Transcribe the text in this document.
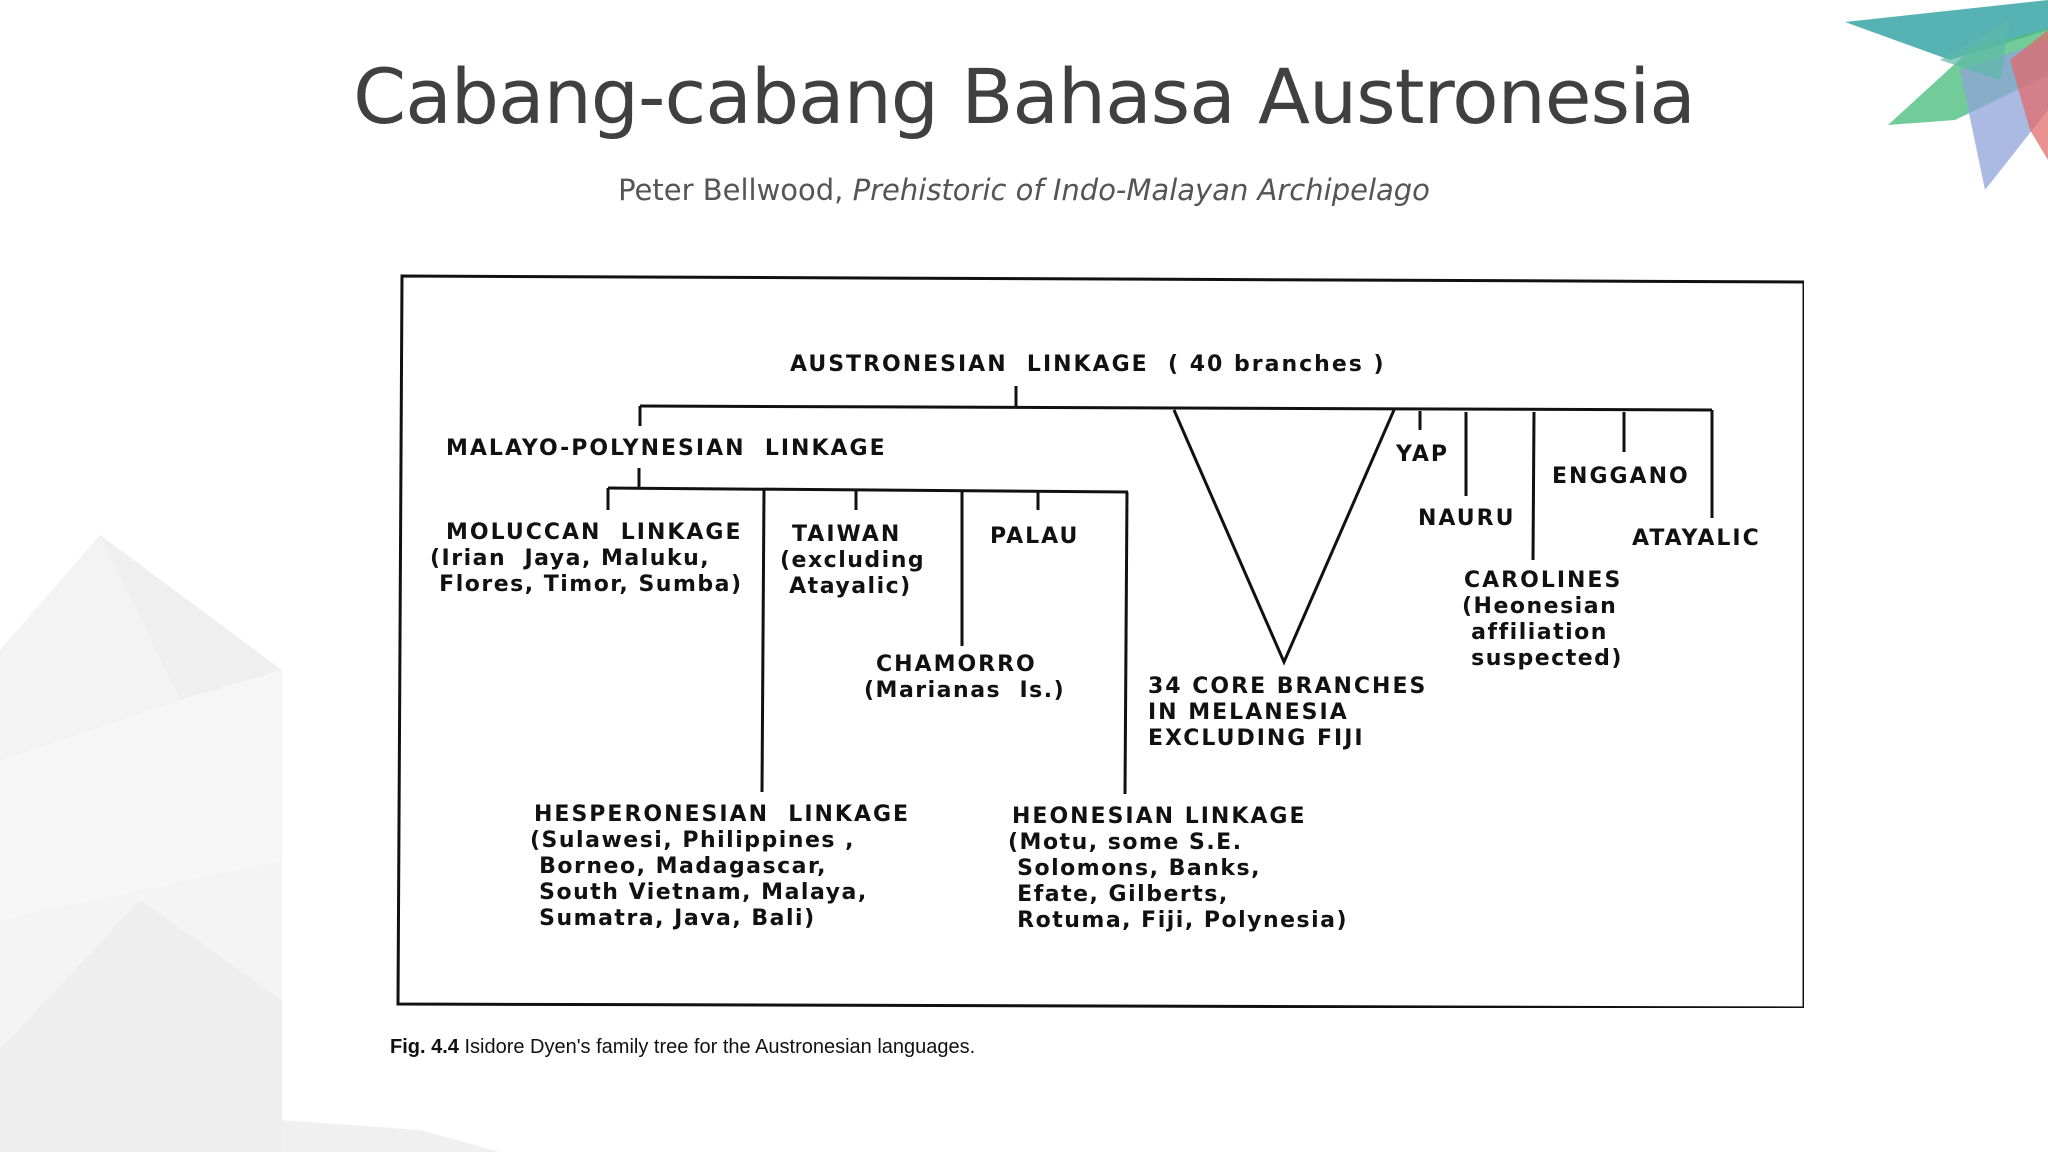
Cabang-cabang Bahasa Austronesia
Peter Bellwood, Prehistoric of Indo-Malayan Archipelago
AUSTRONESIAN  LINKAGE  ( 40 branches )
MALAYO-POLYNESIAN  LINKAGE
MOLUCCAN  LINKAGE
(Irian  Jaya, Maluku,
Flores, Timor, Sumba)
TAIWAN
(excluding
Atayalic)
PALAU
CHAMORRO
(Marianas  Is.)	34 CORE BRANCHES
IN MELANESIA
EXCLUDING FIJI
YAP
NAURU
ENGGANO
ATAYALIC
CAROLINES
(Heonesian
affiliation
suspected)
HESPERONESIAN  LINKAGE
(Sulawesi, Philippines ,
Borneo, Madagascar,
South Vietnam, Malaya,
Sumatra, Java, Bali)
HEONESIAN LINKAGE
(Motu, some S.E.
Solomons, Banks,
Efate, Gilberts,
Rotuma, Fiji, Polynesia)
Fig. 4.4 Isidore Dyen's family tree for the Austronesian languages.
